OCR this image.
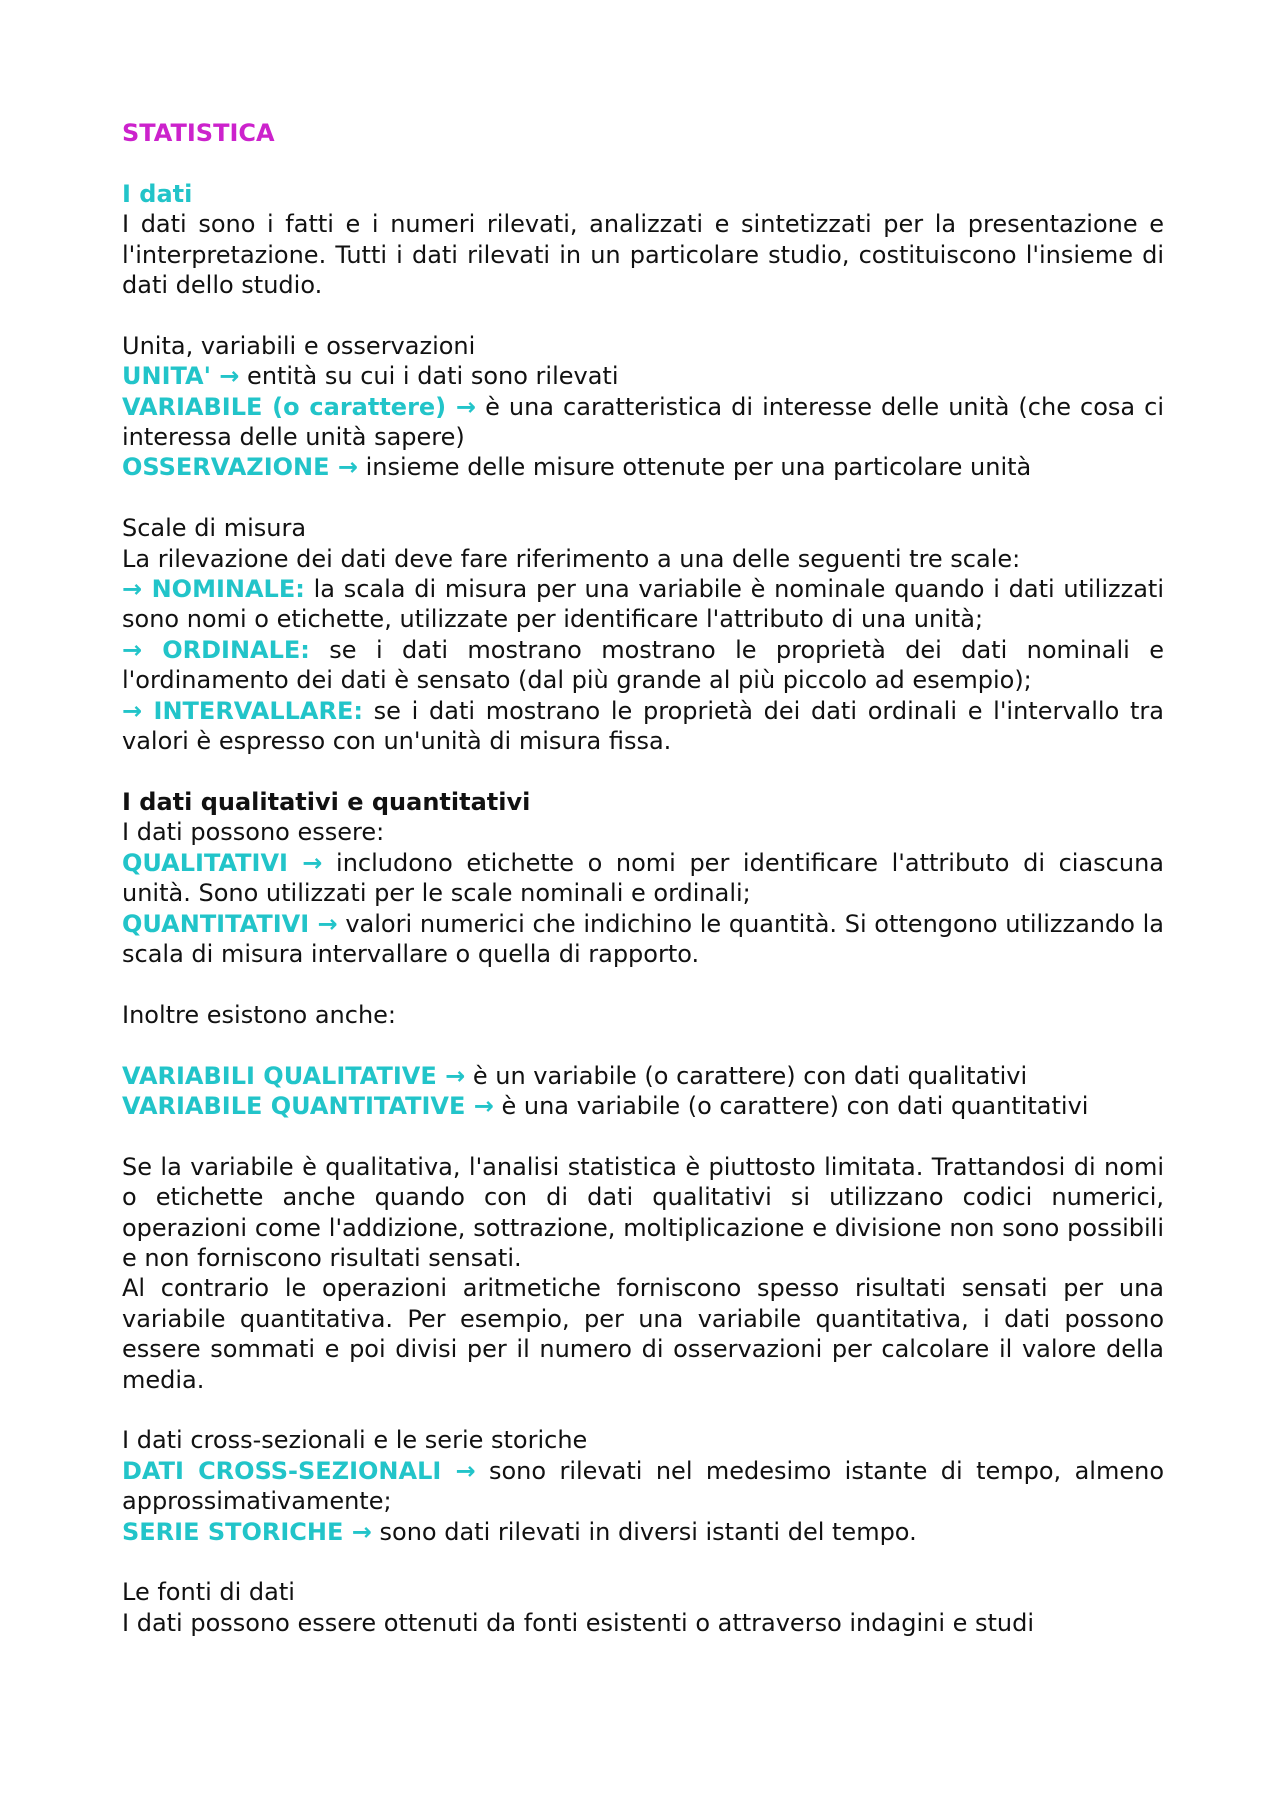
STATISTICA

I dati

I dati sono i fatti e i numeri rilevati, analizzati e sintetizzati per la presentazione e l'interpretazione. Tutti i dati rilevati in un particolare studio, costituiscono l'insieme di dati dello studio.

Unita, variabili e osservazioni

UNITA' → entità su cui i dati sono rilevati

VARIABILE (o carattere) → è una caratteristica di interesse delle unità (che cosa ci interessa delle unità sapere)

OSSERVAZIONE → insieme delle misure ottenute per una particolare unità

Scale di misura

La rilevazione dei dati deve fare riferimento a una delle seguenti tre scale:

→ NOMINALE: la scala di misura per una variabile è nominale quando i dati utilizzati sono nomi o etichette, utilizzate per identificare l'attributo di una unità;

→ ORDINALE: se i dati mostrano mostrano le proprietà dei dati nominali e l'ordinamento dei dati è sensato (dal più grande al più piccolo ad esempio);

→ INTERVALLARE: se i dati mostrano le proprietà dei dati ordinali e l'intervallo tra valori è espresso con un'unità di misura fissa.

I dati qualitativi e quantitativi

I dati possono essere:

QUALITATIVI → includono etichette o nomi per identificare l'attributo di ciascuna unità. Sono utilizzati per le scale nominali e ordinali;

QUANTITATIVI → valori numerici che indichino le quantità. Si ottengono utilizzando la scala di misura intervallare o quella di rapporto.

Inoltre esistono anche:

VARIABILI QUALITATIVE → è un variabile (o carattere) con dati qualitativi

VARIABILE QUANTITATIVE → è una variabile (o carattere) con dati quantitativi

Se la variabile è qualitativa, l'analisi statistica è piuttosto limitata. Trattandosi di nomi o etichette anche quando con di dati qualitativi si utilizzano codici numerici, operazioni come l'addizione, sottrazione, moltiplicazione e divisione non sono possibili e non forniscono risultati sensati.

Al contrario le operazioni aritmetiche forniscono spesso risultati sensati per una variabile quantitativa. Per esempio, per una variabile quantitativa, i dati possono essere sommati e poi divisi per il numero di osservazioni per calcolare il valore della media.

I dati cross-sezionali e le serie storiche

DATI CROSS-SEZIONALI → sono rilevati nel medesimo istante di tempo, almeno approssimativamente;

SERIE STORICHE → sono dati rilevati in diversi istanti del tempo.

Le fonti di dati

I dati possono essere ottenuti da fonti esistenti o attraverso indagini e studi
